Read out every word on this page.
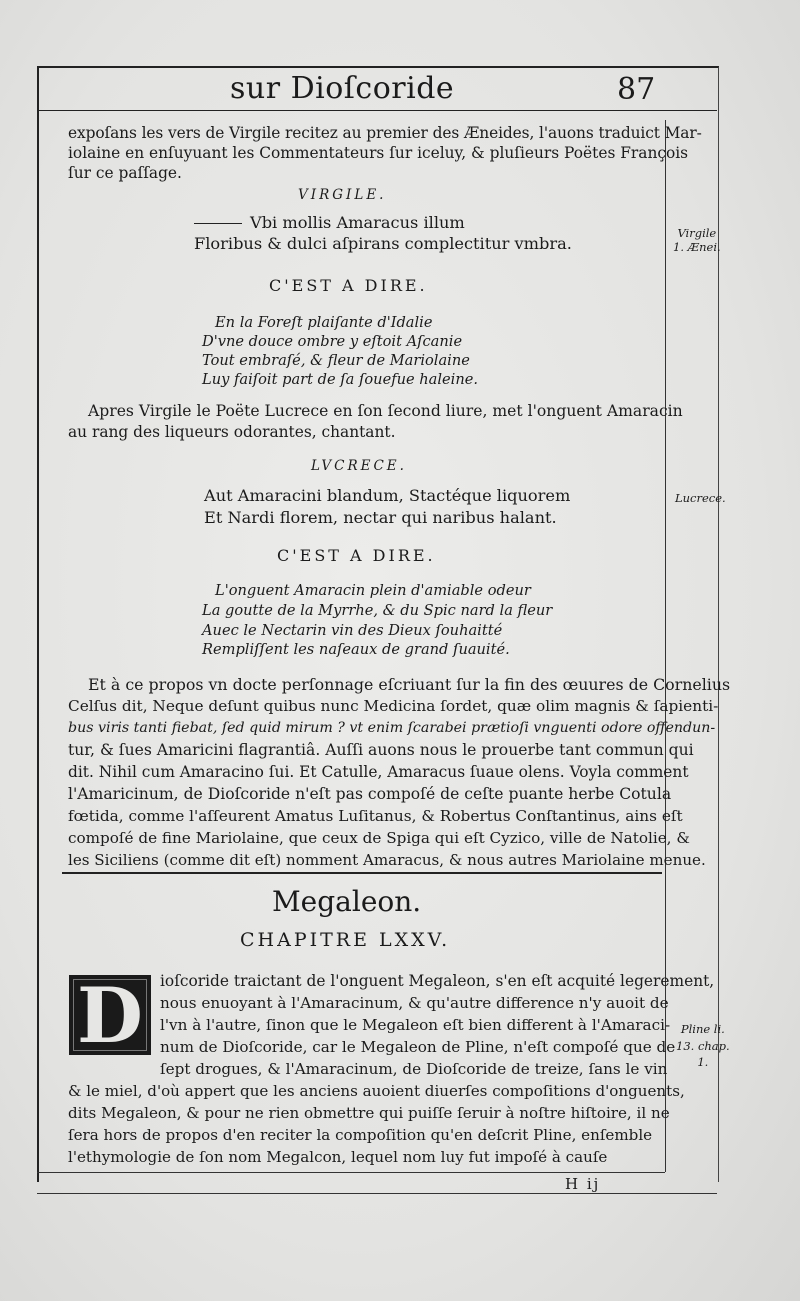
sur Dioſcoride	87
expoſans les vers de Virgile recitez au premier des Æneides, l'auons traduict Mar-
iolaine en enſuyuant les Commentateurs ſur iceluy, & pluſieurs Poëtes François
ſur ce paſſage.
VIRGILE.
Vbi mollis Amaracus illum
Floribus & dulci aſpirans complectitur vmbra.
C'EST A DIRE.
En la Foreſt plaiſante d'Idalie
D'vne douce ombre y eſtoit Aſcanie
Tout embraſé, & fleur de Mariolaine
Luy faiſoit part de ſa ſouefue haleine.
Apres Virgile le Poëte Lucrece en ſon ſecond liure, met l'onguent Amaracin
au rang des liqueurs odorantes, chantant.
LVCRECE.
Aut Amaracini blandum, Stactéque liquorem
Et Nardi florem, nectar qui naribus halant.
C'EST A DIRE.
L'onguent Amaracin plein d'amiable odeur
La goutte de la Myrrhe, & du Spic nard la fleur
Auec le Nectarin vin des Dieux ſouhaitté
Rempliſſent les naſeaux de grand ſuauité.
Et à ce propos vn docte perſonnage eſcriuant ſur la fin des œuures de Cornelius
Celſus dit, Neque deſunt quibus nunc Medicina ſordet, quæ olim magnis & ſapienti-
bus viris tanti fiebat, ſed quid mirum ? vt enim ſcarabei prætioſi vnguenti odore offendun-
tur, & ſues Amaricini flagrantiâ. Auſſi auons nous le prouerbe tant commun qui
dit. Nihil cum Amaracino ſui. Et Catulle, Amaracus ſuaue olens. Voyla comment
l'Amaricinum, de Dioſcoride n'eſt pas compoſé de ceſte puante herbe Cotula
fœtida, comme l'aſſeurent Amatus Luſitanus, & Robertus Conſtantinus, ains eſt
compoſé de fine Mariolaine, que ceux de Spiga qui eſt Cyzico, ville de Natolie, &
les Siciliens (comme dit eſt) nomment Amaracus, & nous autres Mariolaine menue.
Megaleon.
CHAPITRE LXXV.
D ioſcoride traictant de l'onguent Megaleon, s'en eſt acquité legerement,
nous enuoyant à l'Amaracinum, & qu'autre difference n'y auoit de
l'vn à l'autre, ſinon que le Megaleon eſt bien different à l'Amaraci-
num de Dioſcoride, car le Megaleon de Pline, n'eſt compoſé que de
ſept drogues, & l'Amaracinum, de Dioſcoride de treize, ſans le vin
& le miel, d'où appert que les anciens auoient diuerſes compoſitions d'onguents,
dits Megaleon, & pour ne rien obmettre qui puiſſe ſeruir à noſtre hiſtoire, il ne
ſera hors de propos d'en reciter la compoſition qu'en deſcrit Pline, enſemble
l'ethymologie de ſon nom Megalcon, lequel nom luy fut impoſé à cauſe
Virgile
1. Ænei.
Lucrece.
Pline li.
13. chap.
1.
H ij
